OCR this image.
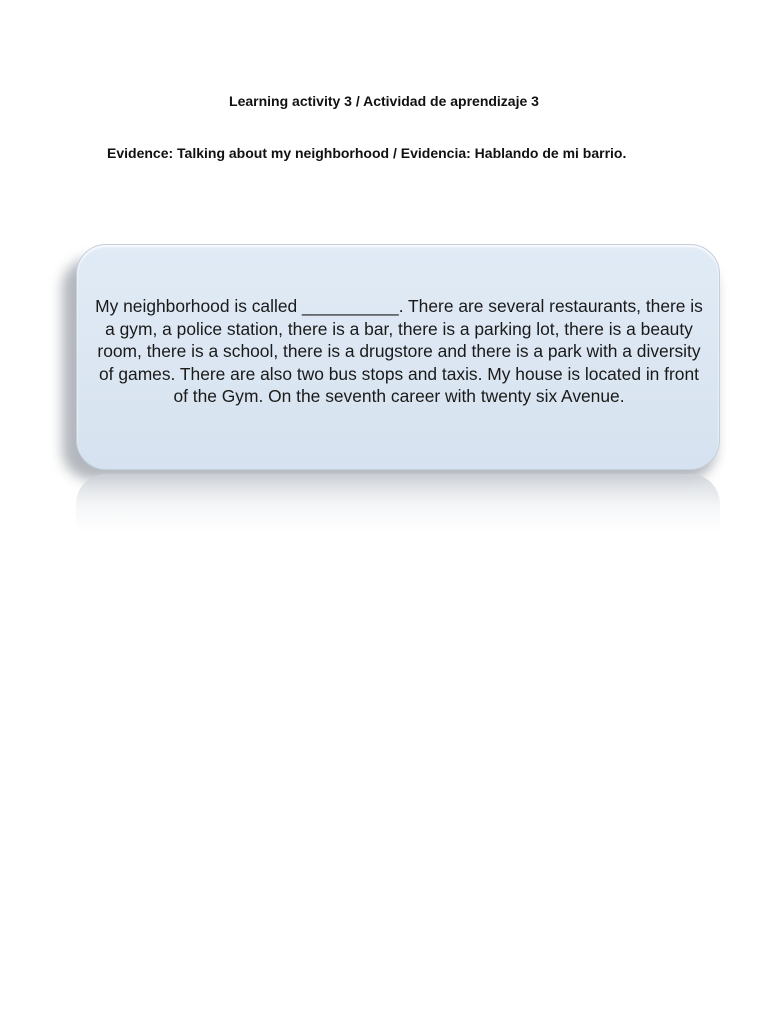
Learning activity 3 / Actividad de aprendizaje 3
Evidence: Talking about my neighborhood / Evidencia: Hablando de mi barrio.
My neighborhood is called __________. There are several restaurants, there is a gym, a police station, there is a bar, there is a parking lot, there is a beauty room, there is a school, there is a drugstore and there is a park with a diversity of games. There are also two bus stops and taxis. My house is located in front of the Gym. On the seventh career with twenty six Avenue.
